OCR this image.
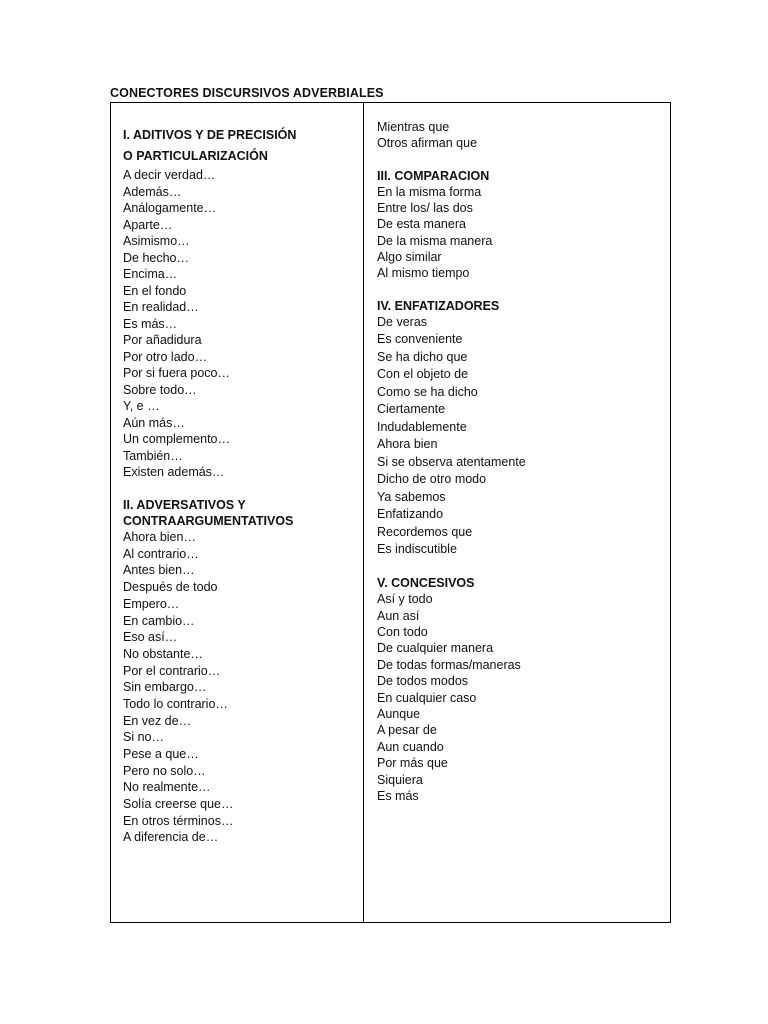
CONECTORES DISCURSIVOS ADVERBIALES
I. ADITIVOS Y DE PRECISIÓN
O PARTICULARIZACIÓN
A decir verdad…
Además…
Análogamente…
Aparte…
Asimismo…
De hecho…
Encima…
En el fondo
En realidad…
Es más…
Por añadidura
Por otro lado…
Por si fuera poco…
Sobre todo…
Y, e …
Aún más…
Un complemento…
También…
Existen además…
II. ADVERSATIVOS Y
CONTRAARGUMENTATIVOS
Ahora bien…
Al contrario…
Antes bien…
Después de todo
Empero…
En cambio…
Eso así…
No obstante…
Por el contrario…
Sin embargo…
Todo lo contrario…
En vez de…
Si no…
Pese a que…
Pero no solo…
No realmente…
Solía creerse que…
En otros términos…
A diferencia de…
Mientras que
Otros afirman que
III. COMPARACION
En la misma forma
Entre los/ las dos
De esta manera
De la misma manera
Algo similar
Al mismo tiempo
IV. ENFATIZADORES
De veras
Es conveniente
Se ha dicho que
Con el objeto de
Como se ha dicho
Ciertamente
Indudablemente
Ahora bien
Si se observa atentamente
Dicho de otro modo
Ya sabemos
Enfatizando
Recordemos que
Es indiscutible
V. CONCESIVOS
Así y todo
Aun así
Con todo
De cualquier manera
De todas formas/maneras
De todos modos
En cualquier caso
Aunque
A pesar de
Aun cuando
Por más que
Siquiera
Es más
